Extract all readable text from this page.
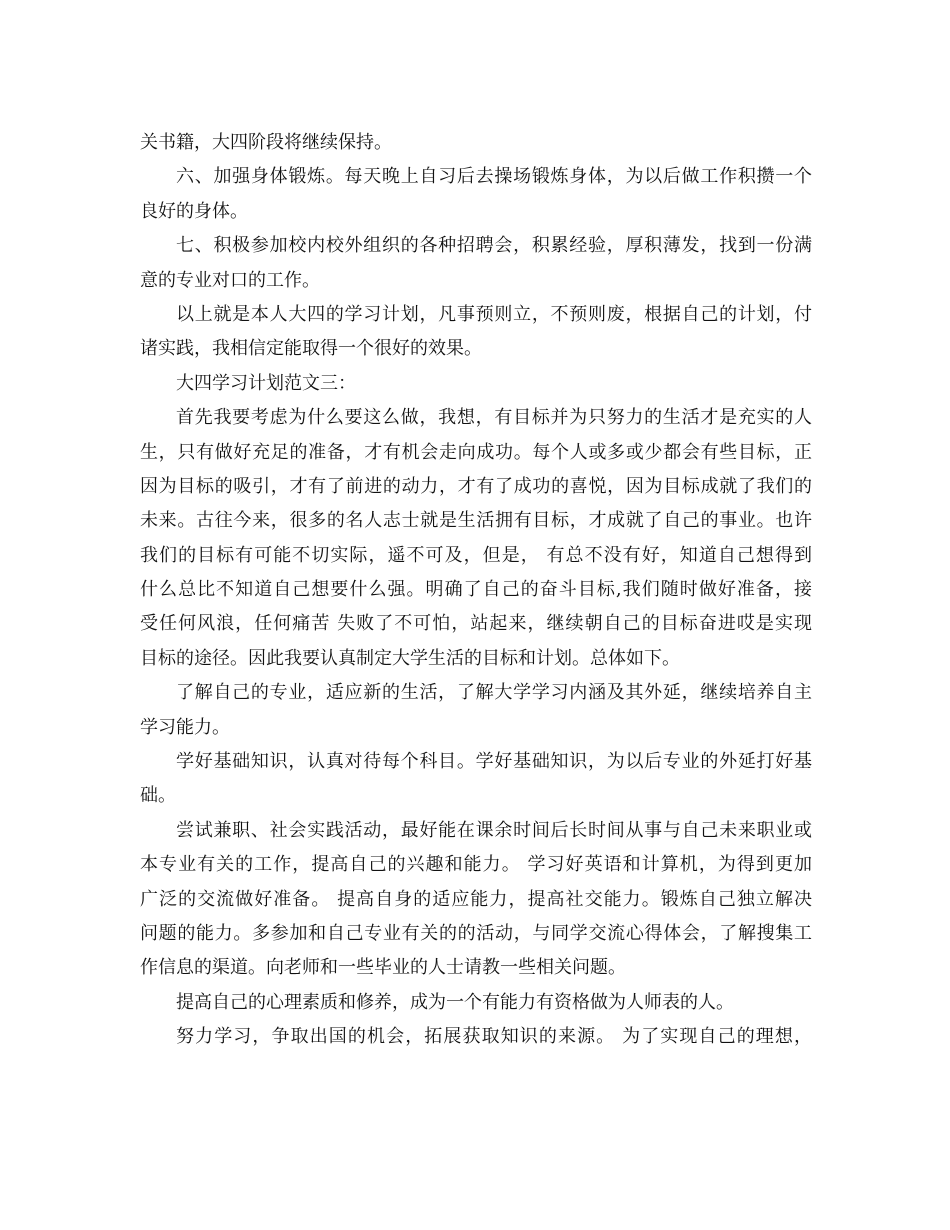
关书籍，大四阶段将继续保持。
六、加强身体锻炼。每天晚上自习后去操场锻炼身体，为以后做工作积攒一个
良好的身体。
七、积极参加校内校外组织的各种招聘会，积累经验，厚积薄发，找到一份满
意的专业对口的工作。
以上就是本人大四的学习计划，凡事预则立，不预则废，根据自己的计划，付
诸实践，我相信定能取得一个很好的效果。
大四学习计划范文三：
首先我要考虑为什么要这么做，我想，有目标并为只努力的生活才是充实的人
生，只有做好充足的准备，才有机会走向成功。每个人或多或少都会有些目标，正
因为目标的吸引，才有了前进的动力，才有了成功的喜悦，因为目标成就了我们的
未来。古往今来，很多的名人志士就是生活拥有目标，才成就了自己的事业。也许
我们的目标有可能不切实际，遥不可及，但是， 有总不没有好，知道自己想得到
什么总比不知道自己想要什么强。明确了自己的奋斗目标,我们随时做好准备，接
受任何风浪，任何痛苦 失败了不可怕，站起来，继续朝自己的目标奋进哎是实现
目标的途径。因此我要认真制定大学生活的目标和计划。总体如下。
了解自己的专业，适应新的生活，了解大学学习内涵及其外延，继续培养自主
学习能力。
学好基础知识，认真对待每个科目。学好基础知识，为以后专业的外延打好基
础。
尝试兼职、社会实践活动，最好能在课余时间后长时间从事与自己未来职业或
本专业有关的工作，提高自己的兴趣和能力。 学习好英语和计算机，为得到更加
广泛的交流做好准备。 提高自身的适应能力，提高社交能力。锻炼自己独立解决
问题的能力。多参加和自己专业有关的的活动，与同学交流心得体会，了解搜集工
作信息的渠道。向老师和一些毕业的人士请教一些相关问题。
提高自己的心理素质和修养，成为一个有能力有资格做为人师表的人。
努力学习，争取出国的机会，拓展获取知识的来源。 为了实现自己的理想，
